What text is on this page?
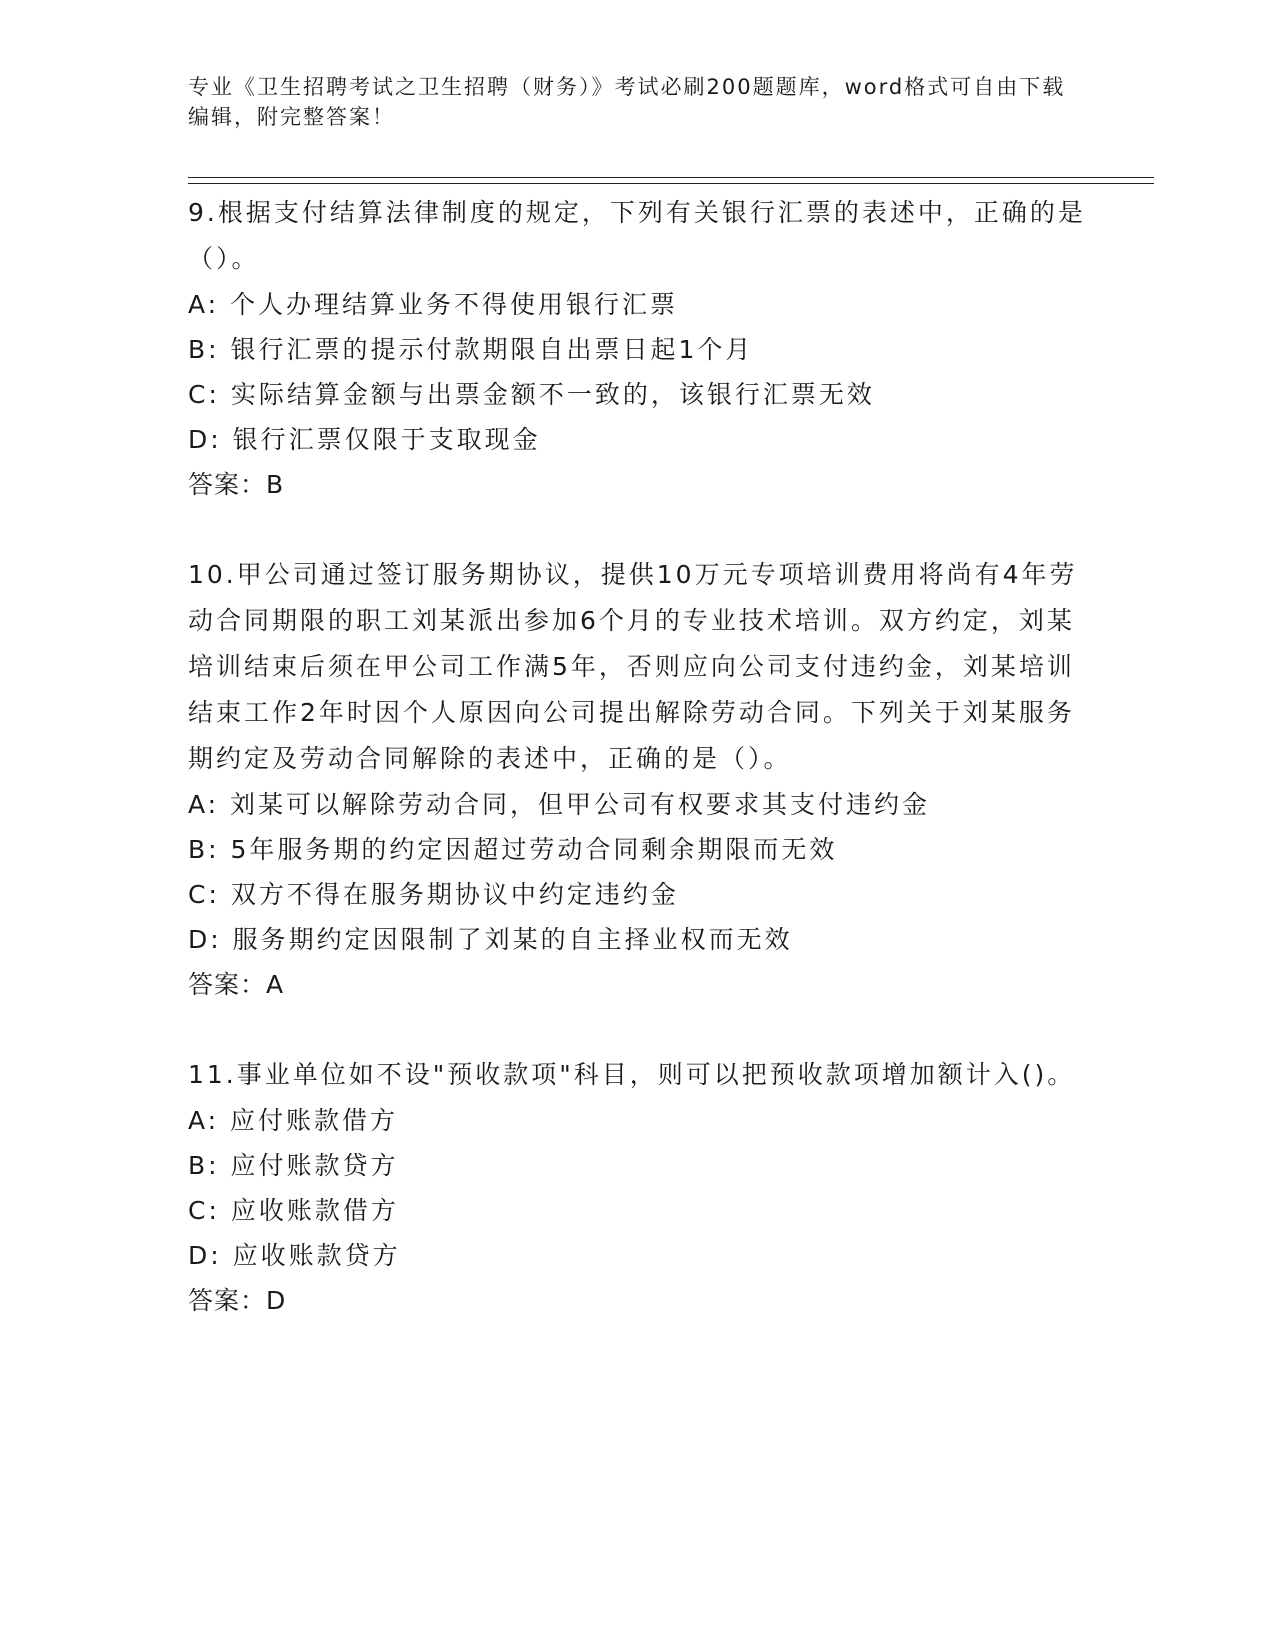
专业《卫生招聘考试之卫生招聘（财务）》考试必刷200题题库，word格式可自由下载编辑，附完整答案！
9.根据支付结算法律制度的规定，下列有关银行汇票的表述中，正确的是（）。
A: 个人办理结算业务不得使用银行汇票
B: 银行汇票的提示付款期限自出票日起1个月
C: 实际结算金额与出票金额不一致的，该银行汇票无效
D: 银行汇票仅限于支取现金
答案：B
10.甲公司通过签订服务期协议，提供10万元专项培训费用将尚有4年劳动合同期限的职工刘某派出参加6个月的专业技术培训。双方约定，刘某培训结束后须在甲公司工作满5年，否则应向公司支付违约金，刘某培训结束工作2年时因个人原因向公司提出解除劳动合同。下列关于刘某服务期约定及劳动合同解除的表述中，正确的是（）。
A: 刘某可以解除劳动合同，但甲公司有权要求其支付违约金
B: 5年服务期的约定因超过劳动合同剩余期限而无效
C: 双方不得在服务期协议中约定违约金
D: 服务期约定因限制了刘某的自主择业权而无效
答案：A
11.事业单位如不设"预收款项"科目，则可以把预收款项增加额计入()。
A: 应付账款借方
B: 应付账款贷方
C: 应收账款借方
D: 应收账款贷方
答案：D
